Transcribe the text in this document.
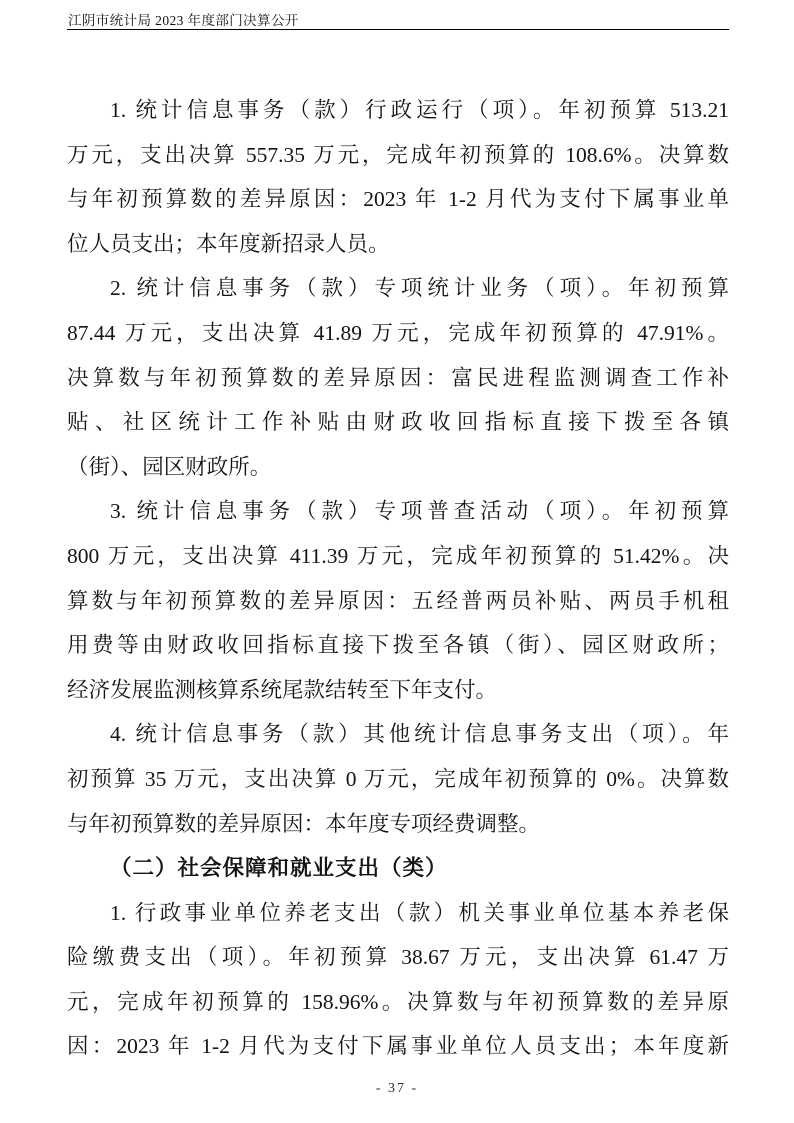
江阴市统计局 2023 年度部门决算公开
1. 统计信息事务（款）行政运行（项）。年初预算 513.21
万元，支出决算 557.35 万元，完成年初预算的 108.6%。决算数
与年初预算数的差异原因：2023 年 1-2 月代为支付下属事业单
位人员支出；本年度新招录人员。
2. 统计信息事务（款）专项统计业务（项）。年初预算
87.44 万元，支出决算 41.89 万元，完成年初预算的 47.91%。
决算数与年初预算数的差异原因：富民进程监测调查工作补
贴、社区统计工作补贴由财政收回指标直接下拨至各镇
（街）、园区财政所。
3. 统计信息事务（款）专项普查活动（项）。年初预算
800 万元，支出决算 411.39 万元，完成年初预算的 51.42%。决
算数与年初预算数的差异原因：五经普两员补贴、两员手机租
用费等由财政收回指标直接下拨至各镇（街）、园区财政所；
经济发展监测核算系统尾款结转至下年支付。
4. 统计信息事务（款）其他统计信息事务支出（项）。年
初预算 35 万元，支出决算 0 万元，完成年初预算的 0%。决算数
与年初预算数的差异原因：本年度专项经费调整。
（二）社会保障和就业支出（类）
1. 行政事业单位养老支出（款）机关事业单位基本养老保
险缴费支出（项）。年初预算 38.67 万元，支出决算 61.47 万
元，完成年初预算的 158.96%。决算数与年初预算数的差异原
因：2023 年 1-2 月代为支付下属事业单位人员支出；本年度新
- 37 -
